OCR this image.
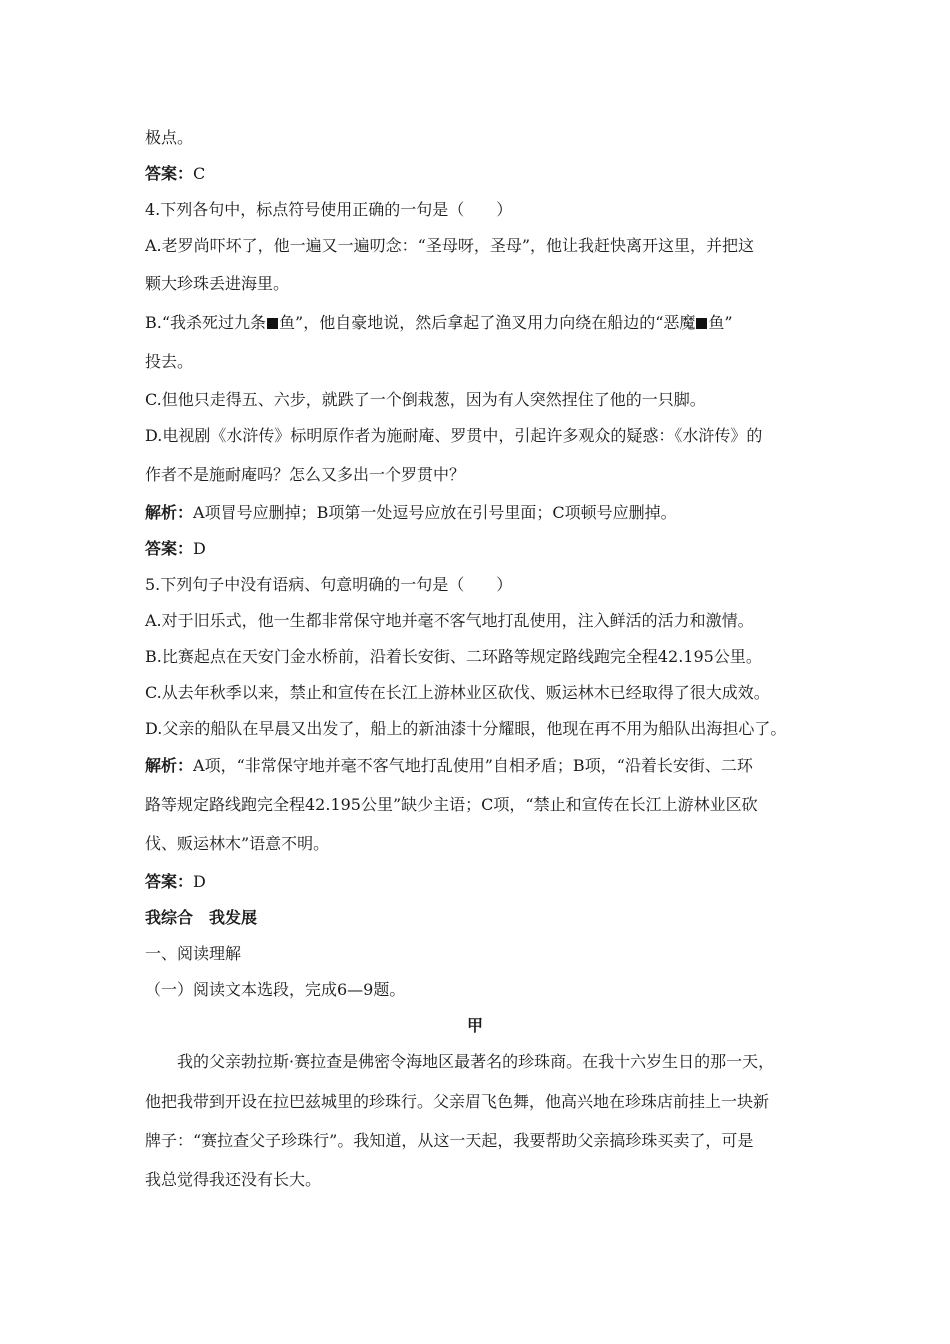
极点。
答案：C
4.下列各句中，标点符号使用正确的一句是（　　）
A.老罗尚吓坏了，他一遍又一遍叨念：“圣母呀，圣母”，他让我赶快离开这里，并把这
颗大珍珠丢进海里。
B.“我杀死过九条 鱼”，他自豪地说，然后拿起了渔叉用力向绕在船边的“恶魔 鱼”
投去。
C.但他只走得五、六步，就跌了一个倒栽葱，因为有人突然捏住了他的一只脚。
D.电视剧《水浒传》标明原作者为施耐庵、罗贯中，引起许多观众的疑惑：《水浒传》的
作者不是施耐庵吗？怎么又多出一个罗贯中？
解析：A项冒号应删掉；B项第一处逗号应放在引号里面；C项顿号应删掉。
答案：D
5.下列句子中没有语病、句意明确的一句是（　　）
A.对于旧乐式，他一生都非常保守地并毫不客气地打乱使用，注入鲜活的活力和激情。
B.比赛起点在天安门金水桥前，沿着长安街、二环路等规定路线跑完全程42.195公里。
C.从去年秋季以来，禁止和宣传在长江上游林业区砍伐、贩运林木已经取得了很大成效。
D.父亲的船队在早晨又出发了，船上的新油漆十分耀眼，他现在再不用为船队出海担心了。
解析：A项，“非常保守地并毫不客气地打乱使用”自相矛盾；B项，“沿着长安街、二环
路等规定路线跑完全程42.195公里”缺少主语；C项，“禁止和宣传在长江上游林业区砍
伐、贩运林木”语意不明。
答案：D
我综合　我发展
一、阅读理解
（一）阅读文本选段，完成6—9题。
甲
我的父亲勃拉斯·赛拉查是佛密令海地区最著名的珍珠商。在我十六岁生日的那一天，
他把我带到开设在拉巴兹城里的珍珠行。父亲眉飞色舞，他高兴地在珍珠店前挂上一块新
牌子：“赛拉查父子珍珠行”。我知道，从这一天起，我要帮助父亲搞珍珠买卖了，可是
我总觉得我还没有长大。
